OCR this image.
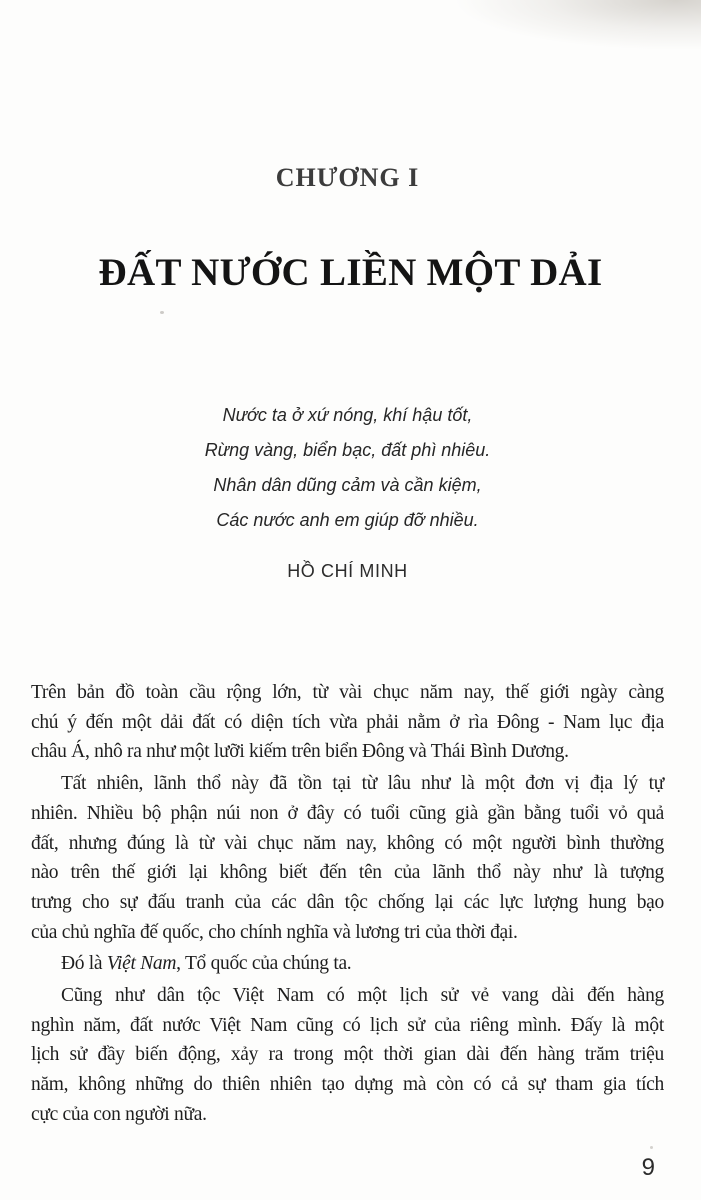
CHƯƠNG I
ĐẤT NƯỚC LIỀN MỘT DẢI
Nước ta ở xứ nóng, khí hậu tốt,
Rừng vàng, biển bạc, đất phì nhiêu.
Nhân dân dũng cảm và cần kiệm,
Các nước anh em giúp đỡ nhiều.
HỒ CHÍ MINH

Trên bản đồ toàn cầu rộng lớn, từ vài chục năm nay, thế giới ngày càng
chú ý đến một dải đất có diện tích vừa phải nằm ở rìa Đông - Nam lục địa
châu Á, nhô ra như một lưỡi kiếm trên biển Đông và Thái Bình Dương.

Tất nhiên, lãnh thổ này đã tồn tại từ lâu như là một đơn vị địa lý tự
nhiên. Nhiều bộ phận núi non ở đây có tuổi cũng già gần bằng tuổi vỏ quả
đất, nhưng đúng là từ vài chục năm nay, không có một người bình thường
nào trên thế giới lại không biết đến tên của lãnh thổ này như là tượng
trưng cho sự đấu tranh của các dân tộc chống lại các lực lượng hung bạo
của chủ nghĩa đế quốc, cho chính nghĩa và lương tri của thời đại.

Đó là Việt Nam, Tổ quốc của chúng ta.

Cũng như dân tộc Việt Nam có một lịch sử vẻ vang dài đến hàng
nghìn năm, đất nước Việt Nam cũng có lịch sử của riêng mình. Đấy là một
lịch sử đầy biến động, xảy ra trong một thời gian dài đến hàng trăm triệu
năm, không những do thiên nhiên tạo dựng mà còn có cả sự tham gia tích
cực của con người nữa.

9
